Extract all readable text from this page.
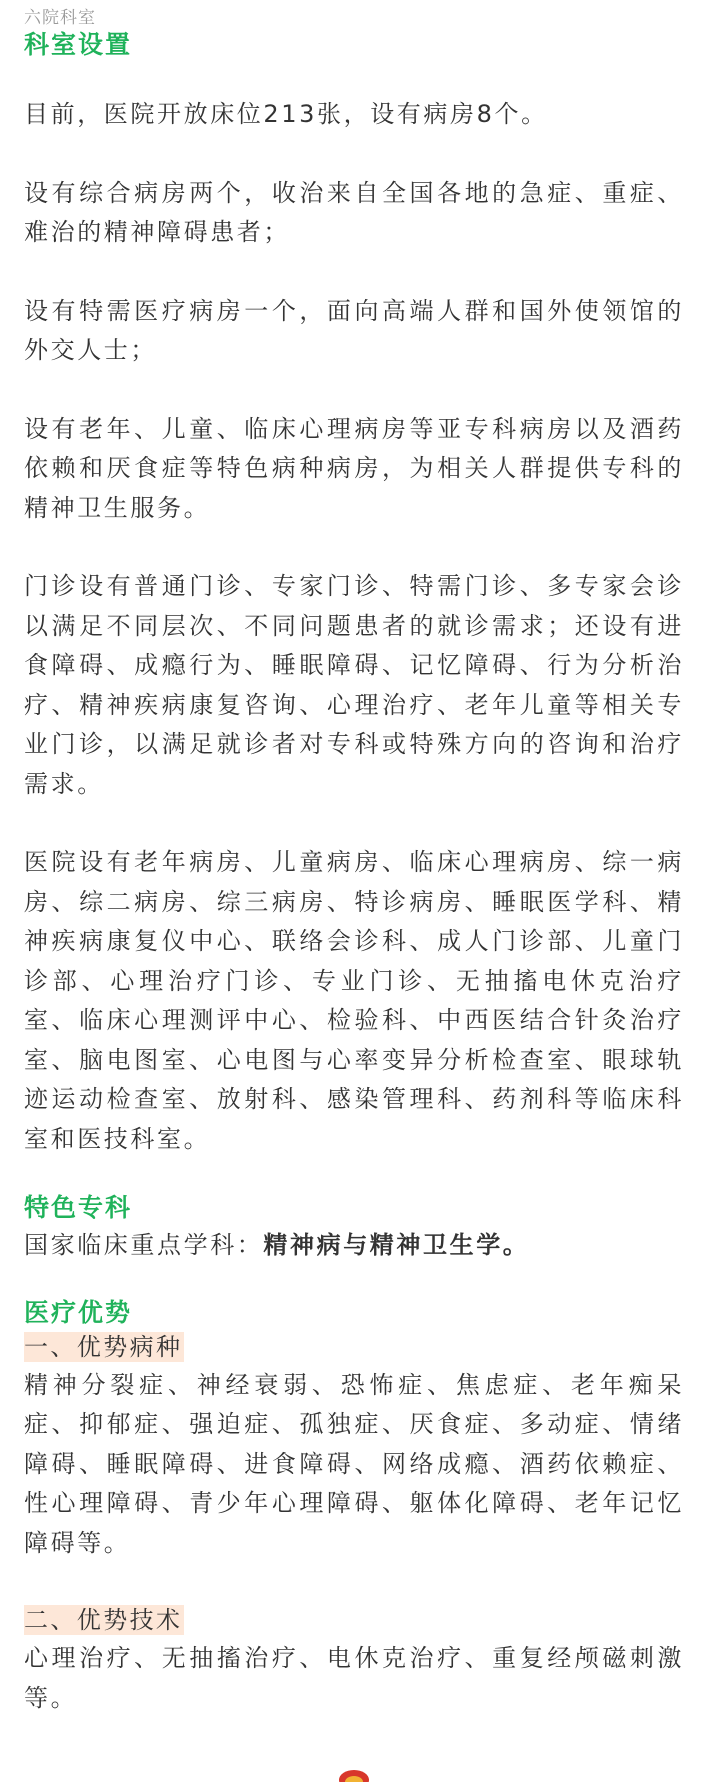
六院科室
科室设置

目前，医院开放床位213张，设有病房8个。

设有综合病房两个，收治来自全国各地的急症、重症、难治的精神障碍患者；

设有特需医疗病房一个，面向高端人群和国外使领馆的外交人士；

设有老年、儿童、临床心理病房等亚专科病房以及酒药依赖和厌食症等特色病种病房，为相关人群提供专科的精神卫生服务。

门诊设有普通门诊、专家门诊、特需门诊、多专家会诊以满足不同层次、不同问题患者的就诊需求；还设有进食障碍、成瘾行为、睡眠障碍、记忆障碍、行为分析治疗、精神疾病康复咨询、心理治疗、老年儿童等相关专业门诊，以满足就诊者对专科或特殊方向的咨询和治疗需求。

医院设有老年病房、儿童病房、临床心理病房、综一病房、综二病房、综三病房、特诊病房、睡眠医学科、精神疾病康复仪中心、联络会诊科、成人门诊部、儿童门诊部、心理治疗门诊、专业门诊、无抽搐电休克治疗室、临床心理测评中心、检验科、中西医结合针灸治疗室、脑电图室、心电图与心率变异分析检查室、眼球轨迹运动检查室、放射科、感染管理科、药剂科等临床科室和医技科室。

特色专科

国家临床重点学科：精神病与精神卫生学。

医疗优势
一、优势病种

精神分裂症、神经衰弱、恐怖症、焦虑症、老年痴呆症、抑郁症、强迫症、孤独症、厌食症、多动症、情绪障碍、睡眠障碍、进食障碍、网络成瘾、酒药依赖症、性心理障碍、青少年心理障碍、躯体化障碍、老年记忆障碍等。

二、优势技术

心理治疗、无抽搐治疗、电休克治疗、重复经颅磁刺激等。
